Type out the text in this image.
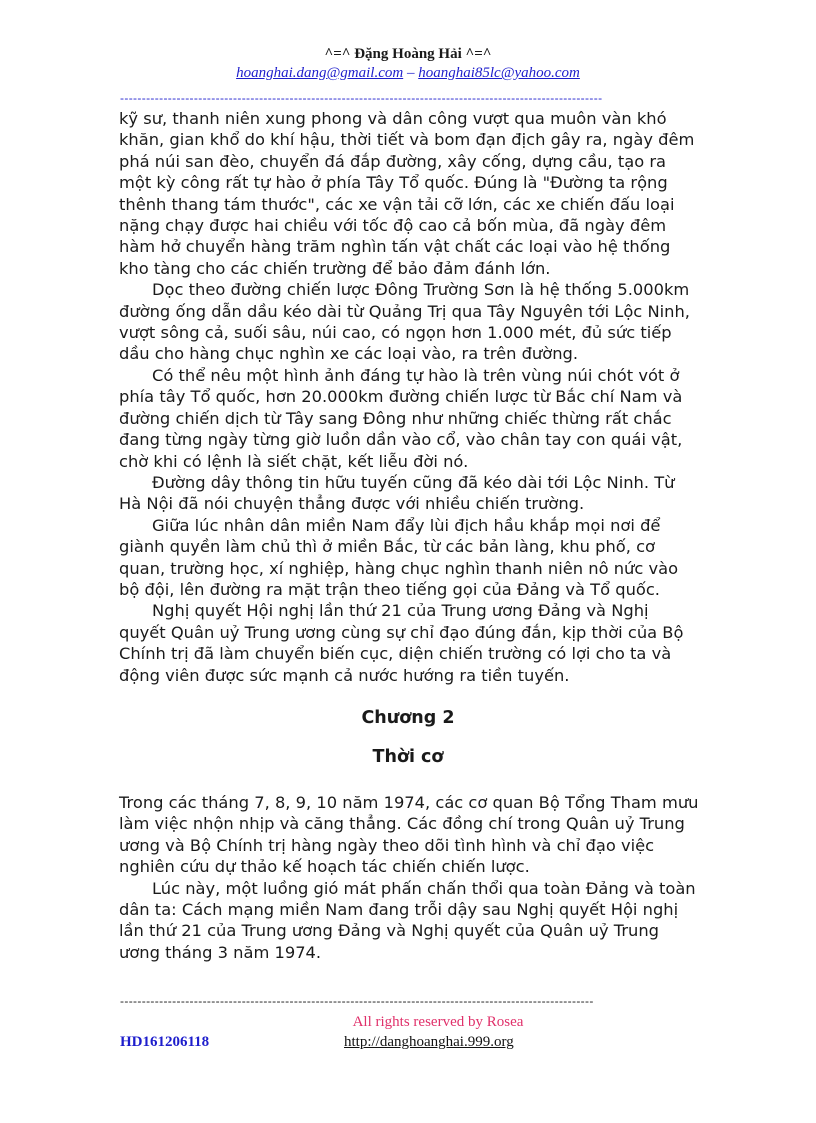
^=^ Đặng Hoàng Hải ^=^
hoanghai.dang@gmail.com – hoanghai85lc@yahoo.com
---------------------------------------------------------------------------------------------------------------

kỹ sư, thanh niên xung phong và dân công vượt qua muôn vàn khó khăn, gian khổ do khí hậu, thời tiết và bom đạn địch gây ra, ngày đêm phá núi san đèo, chuyển đá đắp đường, xây cống, dựng cầu, tạo ra một kỳ công rất tự hào ở phía Tây Tổ quốc. Đúng là "Đường ta rộng thênh thang tám thước", các xe vận tải cỡ lớn, các xe chiến đấu loại nặng chạy được hai chiều với tốc độ cao cả bốn mùa, đã ngày đêm hàm hở chuyển hàng trăm nghìn tấn vật chất các loại vào hệ thống kho tàng cho các chiến trường để bảo đảm đánh lớn.

Dọc theo đường chiến lược Đông Trường Sơn là hệ thống 5.000km đường ống dẫn dầu kéo dài từ Quảng Trị qua Tây Nguyên tới Lộc Ninh, vượt sông cả, suối sâu, núi cao, có ngọn hơn 1.000 mét, đủ sức tiếp dầu cho hàng chục nghìn xe các loại vào, ra trên đường.

Có thể nêu một hình ảnh đáng tự hào là trên vùng núi chót vót ở phía tây Tổ quốc, hơn 20.000km đường chiến lược từ Bắc chí Nam và đường chiến dịch từ Tây sang Đông như những chiếc thừng rất chắc đang từng ngày từng giờ luồn dần vào cổ, vào chân tay con quái vật, chờ khi có lệnh là siết chặt, kết liễu đời nó.

Đường dây thông tin hữu tuyến cũng đã kéo dài tới Lộc Ninh. Từ Hà Nội đã nói chuyện thẳng được với nhiều chiến trường.

Giữa lúc nhân dân miền Nam đẩy lùi địch hầu khắp mọi nơi để giành quyền làm chủ thì ở miền Bắc, từ các bản làng, khu phố, cơ quan, trường học, xí nghiệp, hàng chục nghìn thanh niên nô nức vào bộ đội, lên đường ra mặt trận theo tiếng gọi của Đảng và Tổ quốc.

Nghị quyết Hội nghị lần thứ 21 của Trung ương Đảng và Nghị quyết Quân uỷ Trung ương cùng sự chỉ đạo đúng đắn, kịp thời của Bộ Chính trị đã làm chuyển biến cục, diện chiến trường có lợi cho ta và động viên được sức mạnh cả nước hướng ra tiền tuyến.

Chương 2
Thời cơ

Trong các tháng 7, 8, 9, 10 năm 1974, các cơ quan Bộ Tổng Tham mưu làm việc nhộn nhịp và căng thẳng. Các đồng chí trong Quân uỷ Trung ương và Bộ Chính trị hàng ngày theo dõi tình hình và chỉ đạo việc nghiên cứu dự thảo kế hoạch tác chiến chiến lược.

Lúc này, một luồng gió mát phấn chấn thổi qua toàn Đảng và toàn dân ta: Cách mạng miền Nam đang trỗi dậy sau Nghị quyết Hội nghị lần thứ 21 của Trung ương Đảng và Nghị quyết của Quân uỷ Trung ương tháng 3 năm 1974.

-------------------------------------------------------------------------------------------------------------
All rights reserved by Rosea
HD161206118	http://danghoanghai.999.org
